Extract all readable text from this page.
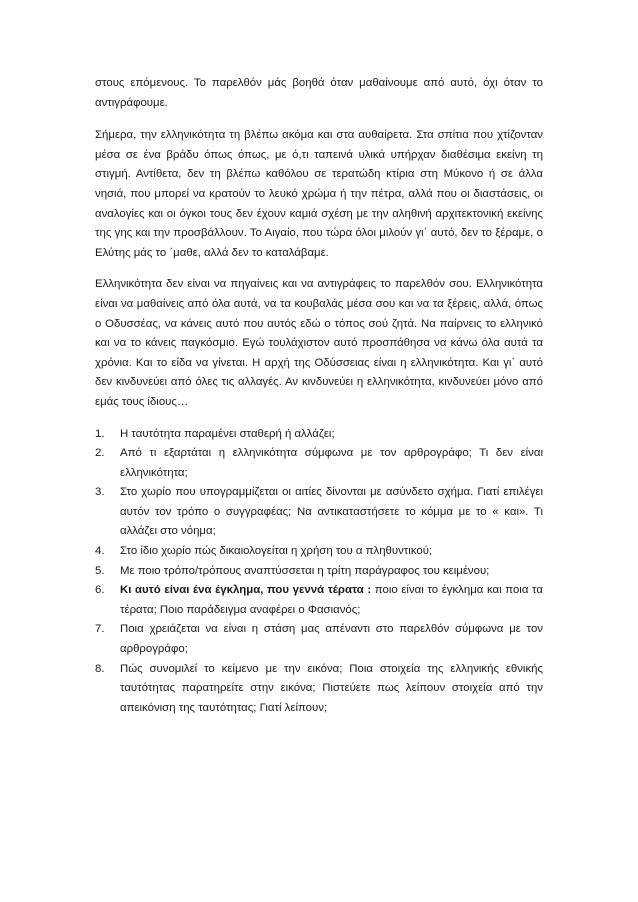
στους επόμενους. Το παρελθόν μάς βοηθά όταν μαθαίνουμε από αυτό, όχι όταν το αντιγράφουμε.

Σήμερα, την ελληνικότητα τη βλέπω ακόμα και στα αυθαίρετα. Στα σπίτια που χτίζονταν μέσα σε ένα βράδυ όπως όπως, με ό,τι ταπεινά υλικά υπήρχαν διαθέσιμα εκείνη τη στιγμή. Αντίθετα, δεν τη βλέπω καθόλου σε τερατώδη κτίρια στη Μύκονο ή σε άλλα νησιά, που μπορεί να κρατούν το λευκό χρώμα ή την πέτρα, αλλά που οι διαστάσεις, οι αναλογίες και οι όγκοι τους δεν έχουν καμιά σχέση με την αληθινή αρχιτεκτονική εκείνης της γης και την προσβάλλουν. Το Αιγαίο, που τώρα όλοι μιλούν γι΄ αυτό, δεν το ξέραμε, ο Ελύτης μάς το ΄μαθε, αλλά δεν το καταλάβαμε.

Ελληνικότητα δεν είναι να πηγαίνεις και να αντιγράφεις το παρελθόν σου. Ελληνικότητα είναι να μαθαίνεις από όλα αυτά, να τα κουβαλάς μέσα σου και να τα ξέρεις, αλλά, όπως ο Οδυσσέας, να κάνεις αυτό που αυτός εδώ ο τόπος σού ζητά. Να παίρνεις το ελληνικό και να το κάνεις παγκόσμιο. Εγώ τουλάχιστον αυτό προσπάθησα να κάνω όλα αυτά τα χρόνια. Και το είδα να γίνεται. Η αρχή της Οδύσσειας είναι η ελληνικότητα. Και γι΄ αυτό δεν κινδυνεύει από όλες τις αλλαγές. Αν κινδυνεύει η ελληνικότητα, κινδυνεύει μόνο από εμάς τους ίδιους…

1.	Η ταυτότητα παραμένει σταθερή ή αλλάζει;
2.	Από τι εξαρτάται η ελληνικότητα σύμφωνα με τον αρθρογράφο; Τι δεν είναι ελληνικότητα;
3.	Στο χωρίο που υπογραμμίζεται οι αιτίες δίνονται με ασύνδετο σχήμα. Γιατί επιλέγει αυτόν τον τρόπο ο συγγραφέας; Να αντικαταστήσετε το κόμμα με το « και». Τι αλλάζει στο νόημα;
4.	Στο ίδιο χωρίο πώς δικαιολογείται η χρήση του α πληθυντικού;
5.	Με ποιο τρόπο/τρόπους αναπτύσσεται η τρίτη παράγραφος του κειμένου;
6.	Κι αυτό είναι ένα έγκλημα, που γεννά τέρατα : ποιο είναι το έγκλημα και ποια τα τέρατα; Ποιο παράδειγμα αναφέρει ο Φασιανός;
7.	Ποια χρειάζεται να είναι η στάση μας απέναντι στο παρελθόν σύμφωνα με τον αρθρογράφο;
8.	Πώς συνομιλεί το κείμενο με την εικόνα; Ποια στοιχεία της ελληνικής εθνικής ταυτότητας παρατηρείτε στην εικόνα; Πιστεύετε πως λείπουν στοιχεία από την απεικόνιση της ταυτότητας; Γιατί λείπουν;
